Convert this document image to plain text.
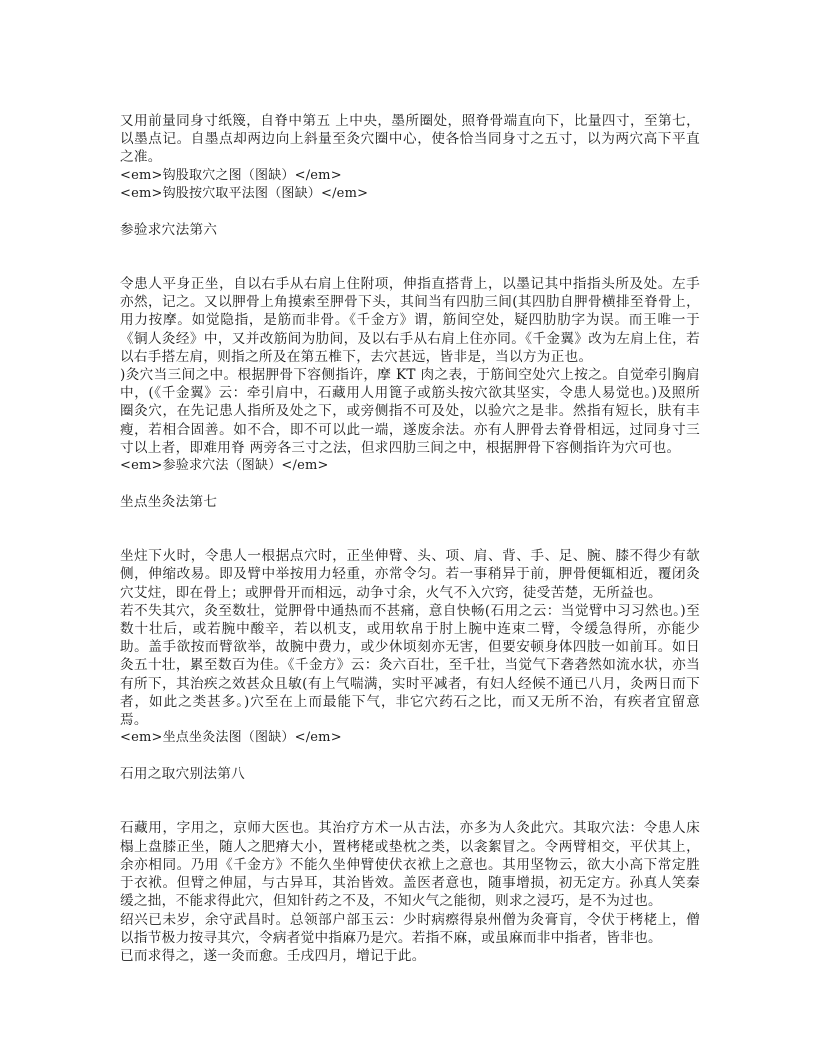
又用前量同身寸纸篾，自脊中第五 上中央，墨所圈处，照脊骨端直向下，比量四寸，至第七，以墨点记。自墨点却两边向上斜量至灸穴圈中心，使各恰当同身寸之五寸，以为两穴高下平直之准。

<em>钩股取穴之图（图缺）</em>

<em>钩股按穴取平法图（图缺）</em>

参验求穴法第六

令患人平身正坐，自以右手从右肩上住附项，伸指直搭背上，以墨记其中指指头所及处。左手亦然，记之。又以胛骨上角摸索至胛骨下头，其间当有四肋三间(其四肋自胛骨横排至脊骨上，用力按摩。如觉隐指，是筋而非骨。《千金方》谓，筋间空处，疑四肋肋字为误。而王唯一于《铜人灸经》中，又并改筋间为肋间，及以右手从右肩上住亦同。《千金翼》改为左肩上住，若以右手搭左肩，则指之所及在第五椎下，去穴甚远，皆非是，当以方为正也。

)灸穴当三间之中。根据胛骨下容侧指许，摩 KT 肉之表，于筋间空处穴上按之。自觉牵引胸肩中，(《千金翼》云：牵引肩中，石藏用人用篦子或筋头按穴欲其坚实，令患人易觉也。)及照所圈灸穴，在先记患人指所及处之下，或旁侧指不可及处，以验穴之是非。然指有短长，肤有丰瘦，若相合固善。如不合，即不可以此一端，遂废余法。亦有人胛骨去脊骨相远，过同身寸三寸以上者，即难用脊 两旁各三寸之法，但求四肋三间之中，根据胛骨下容侧指许为穴可也。

<em>参验求穴法（图缺）</em>

坐点坐灸法第七

坐炷下火时，令患人一根据点穴时，正坐伸臂、头、项、肩、背、手、足、腕、膝不得少有欹侧，伸缩改易。即及臂中举按用力轻重，亦常令匀。若一事稍异于前，胛骨便辄相近，覆闭灸穴艾炷，即在骨上；或胛骨开而相远，动争寸余，火气不入穴窍，徒受苦楚，无所益也。

若不失其穴，灸至数壮，觉胛骨中通热而不甚痛，意自快畅(石用之云：当觉臂中习习然也。)至数十壮后，或若腕中酸辛，若以机支，或用软帛于肘上腕中连束二臂，令缓急得所，亦能少助。盖手欲按而臂欲举，故腕中费力，或少休顷刻亦无害，但要安顿身体四肢一如前耳。如日灸五十壮，累至数百为佳。《千金方》云：灸六百壮，至千壮，当觉气下砻砻然如流水状，亦当有所下，其治疾之效甚众且敏(有上气喘满，实时平减者，有妇人经候不通已八月，灸两日而下者，如此之类甚多。)穴至在上而最能下气，非它穴药石之比，而又无所不治，有疾者宜留意焉。

<em>坐点坐灸法图（图缺）</em>

石用之取穴别法第八

石藏用，字用之，京师大医也。其治疗方术一从古法，亦多为人灸此穴。其取穴法：令患人床榻上盘膝正坐，随人之肥瘠大小，置栲栳或垫枕之类，以衾絮冒之。令两臂相交，平伏其上，余亦相同。乃用《千金方》不能久坐伸臂使伏衣袱上之意也。其用坚物云，欲大小高下常定胜于衣袱。但臂之伸屈，与古异耳，其治皆效。盖医者意也，随事增损，初无定方。孙真人笑秦缓之拙，不能求得此穴，但知针药之不及，不知火气之能彻，则求之浸巧，是不为过也。

绍兴已未岁，余守武昌时。总领部户部玉云：少时病瘵得泉州僧为灸膏肓，令伏于栲栳上，僧以指节极力按寻其穴，令病者觉中指麻乃是穴。若指不麻，或虽麻而非中指者，皆非也。

已而求得之，遂一灸而愈。壬戌四月，增记于此。
